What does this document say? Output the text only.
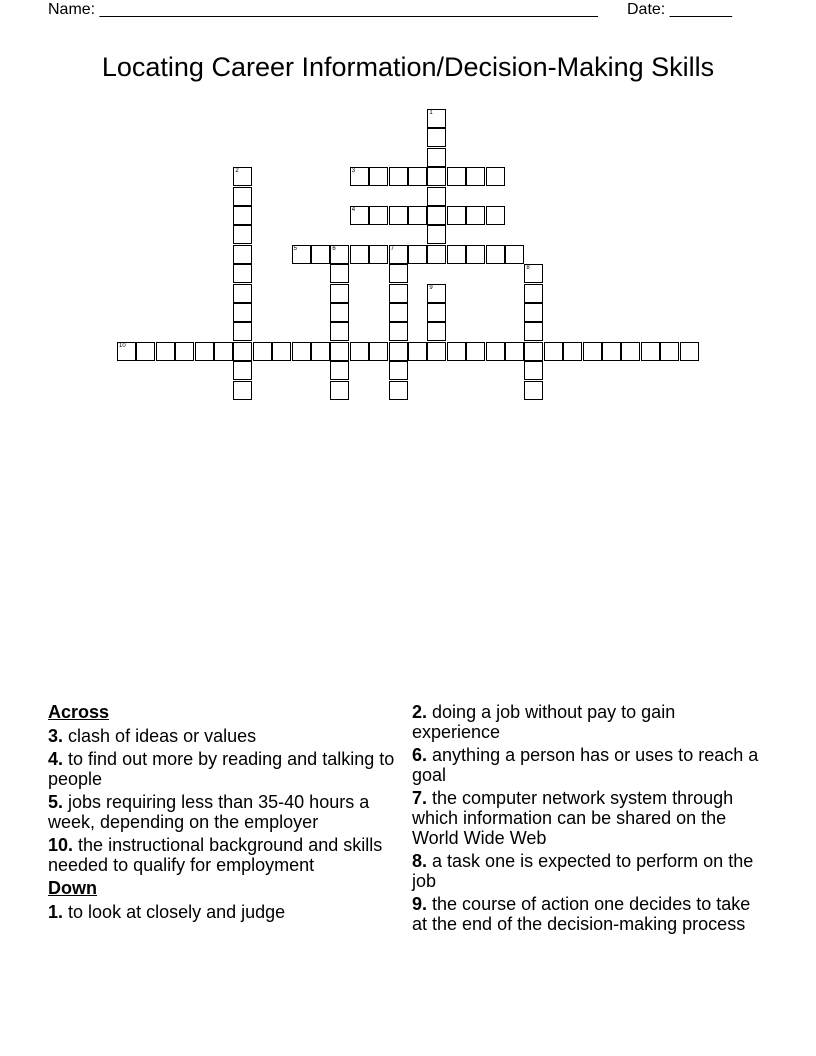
Name: ________________________________________________________ Date: _______
Locating Career Information/Decision-Making Skills
1
2	3
4
5	6	7
8
9
10
Across
3. clash of ideas or values
4. to find out more by reading and talking to people
5. jobs requiring less than 35-40 hours a week, depending on the employer
10. the instructional background and skills needed to qualify for employment
Down
1. to look at closely and judge
2. doing a job without pay to gain experience
6. anything a person has or uses to reach a goal
7. the computer network system through which information can be shared on the World Wide Web
8. a task one is expected to perform on the job
9. the course of action one decides to take at the end of the decision-making process
